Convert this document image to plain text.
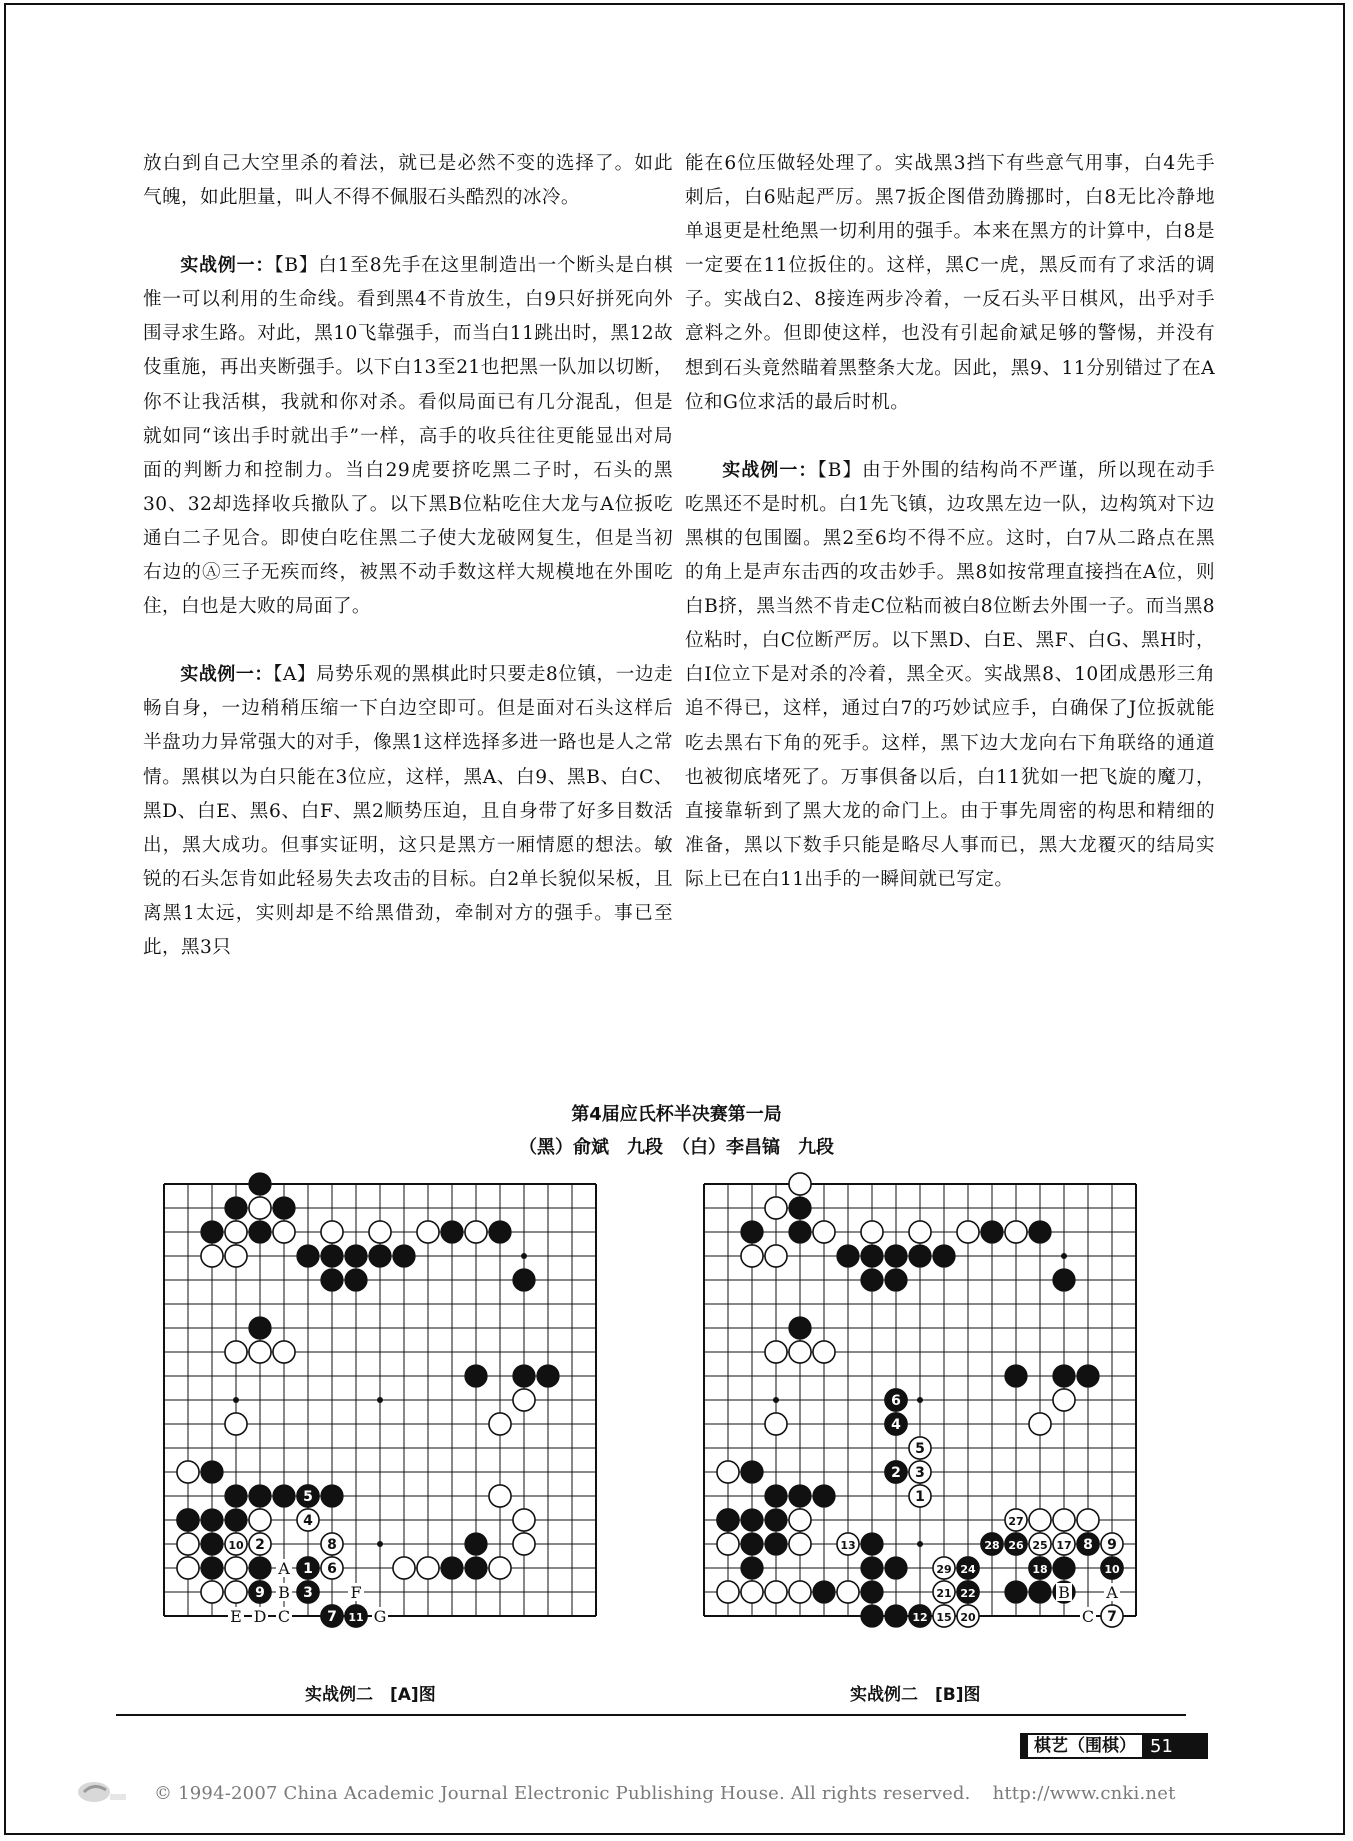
放白到自己大空里杀的着法，就已是必然不变的选择了。如此气魄，如此胆量，叫人不得不佩服石头酷烈的冰冷。

实战例一：【B】白1至8先手在这里制造出一个断头是白棋惟一可以利用的生命线。看到黑4不肯放生，白9只好拼死向外围寻求生路。对此，黑10飞靠强手，而当白11跳出时，黑12故伎重施，再出夹断强手。以下白13至21也把黑一队加以切断，你不让我活棋，我就和你对杀。看似局面已有几分混乱，但是就如同“该出手时就出手”一样，高手的收兵往往更能显出对局面的判断力和控制力。当白29虎要挤吃黑二子时，石头的黑30、32却选择收兵撤队了。以下黑B位粘吃住大龙与A位扳吃通白二子见合。即使白吃住黑二子使大龙破网复生，但是当初右边的Ⓐ三子无疾而终，被黑不动手数这样大规模地在外围吃住，白也是大败的局面了。

实战例一：【A】局势乐观的黑棋此时只要走8位镇，一边走畅自身，一边稍稍压缩一下白边空即可。但是面对石头这样后半盘功力异常强大的对手，像黑1这样选择多进一路也是人之常情。黑棋以为白只能在3位应，这样，黑A、白9、黑B、白C、黑D、白E、黑6、白F、黑2顺势压迫，且自身带了好多目数活出，黑大成功。但事实证明，这只是黑方一厢情愿的想法。敏锐的石头怎肯如此轻易失去攻击的目标。白2单长貌似呆板，且离黑1太远，实则却是不给黑借劲，牵制对方的强手。事已至此，黑3只

能在6位压做轻处理了。实战黑3挡下有些意气用事，白4先手刺后，白6贴起严厉。黑7扳企图借劲腾挪时，白8无比冷静地单退更是杜绝黑一切利用的强手。本来在黑方的计算中，白8是一定要在11位扳住的。这样，黑C一虎，黑反而有了求活的调子。实战白2、8接连两步冷着，一反石头平日棋风，出乎对手意料之外。但即使这样，也没有引起俞斌足够的警惕，并没有想到石头竟然瞄着黑整条大龙。因此，黑9、11分别错过了在A位和G位求活的最后时机。

实战例一：【B】由于外围的结构尚不严谨，所以现在动手吃黑还不是时机。白1先飞镇，边攻黑左边一队，边构筑对下边黑棋的包围圈。黑2至6均不得不应。这时，白7从二路点在黑的角上是声东击西的攻击妙手。黑8如按常理直接挡在A位，则白B挤，黑当然不肯走C位粘而被白8位断去外围一子。而当黑8位粘时，白C位断严厉。以下黑D、白E、黑F、白G、黑H时，白I位立下是对杀的冷着，黑全灭。实战黑8、10团成愚形三角追不得已，这样，通过白7的巧妙试应手，白确保了J位扳就能吃去黑右下角的死手。这样，黑下边大龙向右下角联络的通道也被彻底堵死了。万事俱备以后，白11犹如一把飞旋的魔刀，直接靠斩到了黑大龙的命门上。由于事先周密的构思和精细的准备，黑以下数手只能是略尽人事而已，黑大龙覆灭的结局实际上已在白11出手的一瞬间就已写定。

第4届应氏杯半决赛第一局
（黑）俞斌　九段　（白）李昌镐　九段
5
4
10 2	8
1 6
9	3
7 11
A
B	F
E D C	G
6
4
5
2 3
1
13
27
28 26 25 17 8 9
18	10
29 24
21 22
12 15 20	7
B A
C
实战例二　[A]图	实战例二　[B]图
棋艺（围棋） 51
© 1994-2007 China Academic Journal Electronic Publishing House. All rights reserved. http://www.cnki.net
